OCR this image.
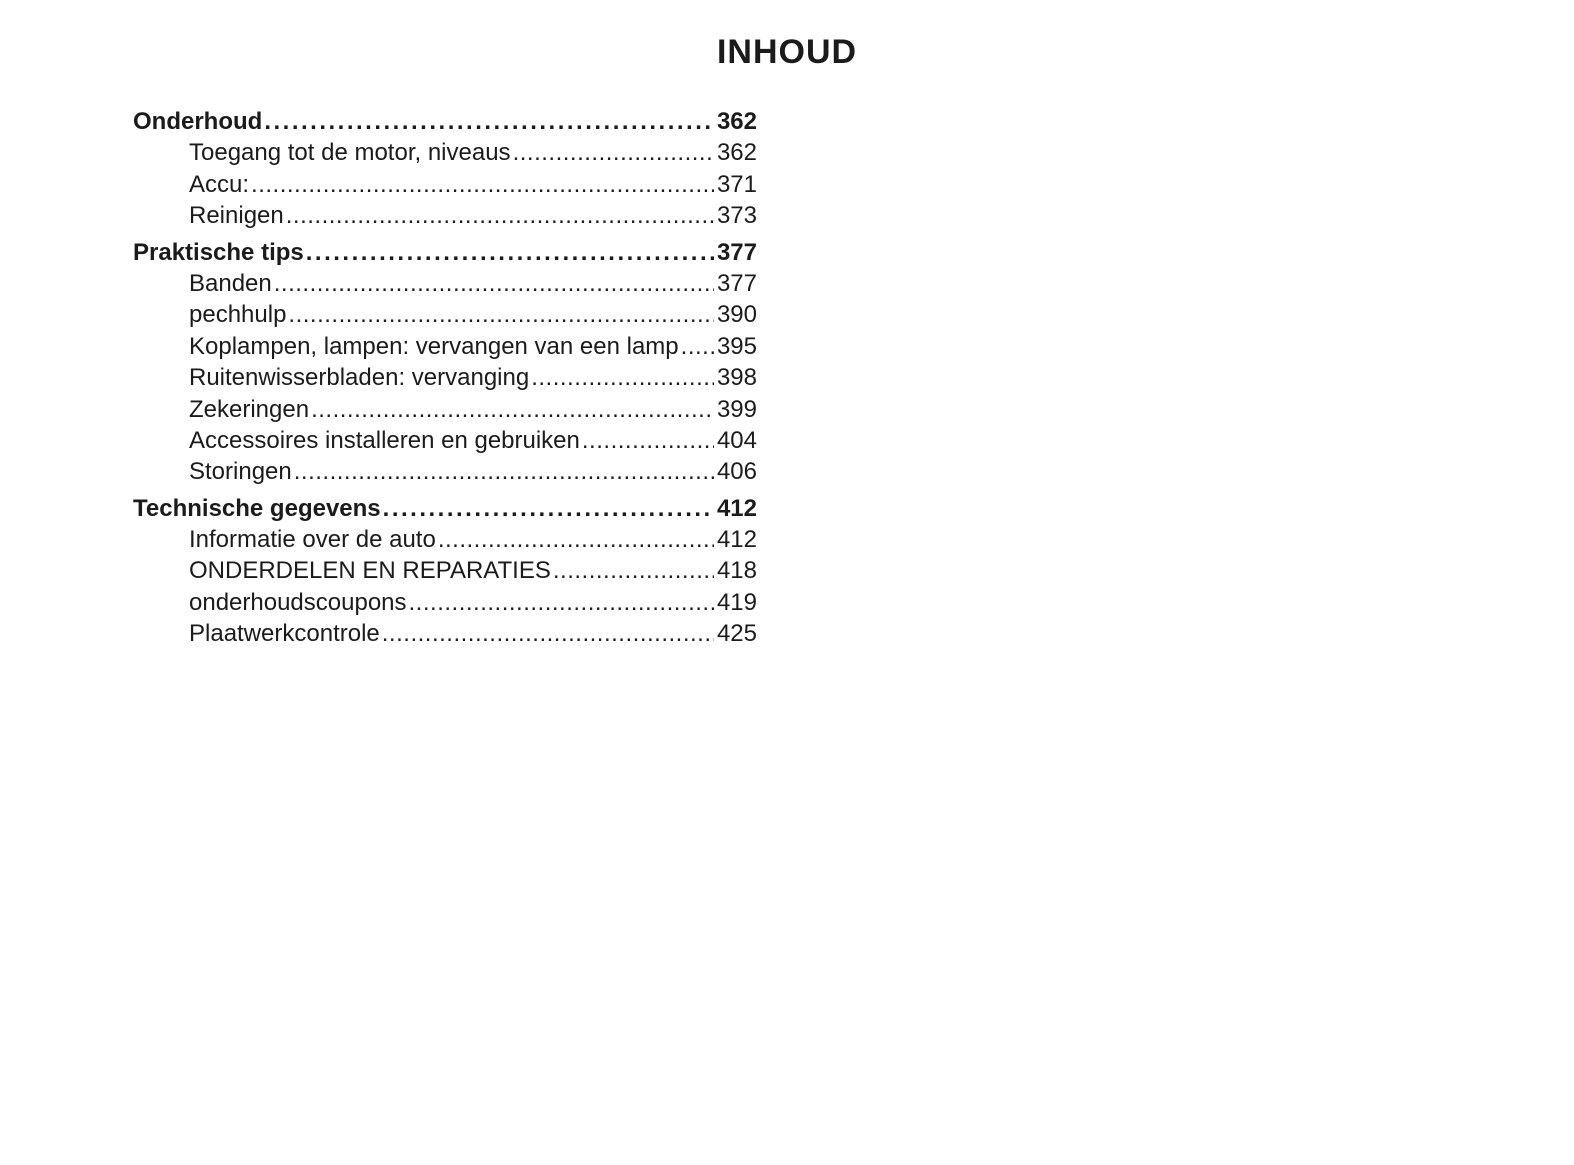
INHOUD
Onderhoud .....	362
Toegang tot de motor, niveaus .....	362
Accu: .....	371
Reinigen .....	373
Praktische tips .....	377
Banden .....	377
pechhulp .....	390
Koplampen, lampen: vervangen van een lamp ..... 395
Ruitenwisserbladen: vervanging .....	398
Zekeringen .....	399
Accessoires installeren en gebruiken .....	404
Storingen .....	406
Technische gegevens .....	412
Informatie over de auto .....	412
ONDERDELEN EN REPARATIES .....	418
onderhoudscoupons .....	419
Plaatwerkcontrole .....	425
